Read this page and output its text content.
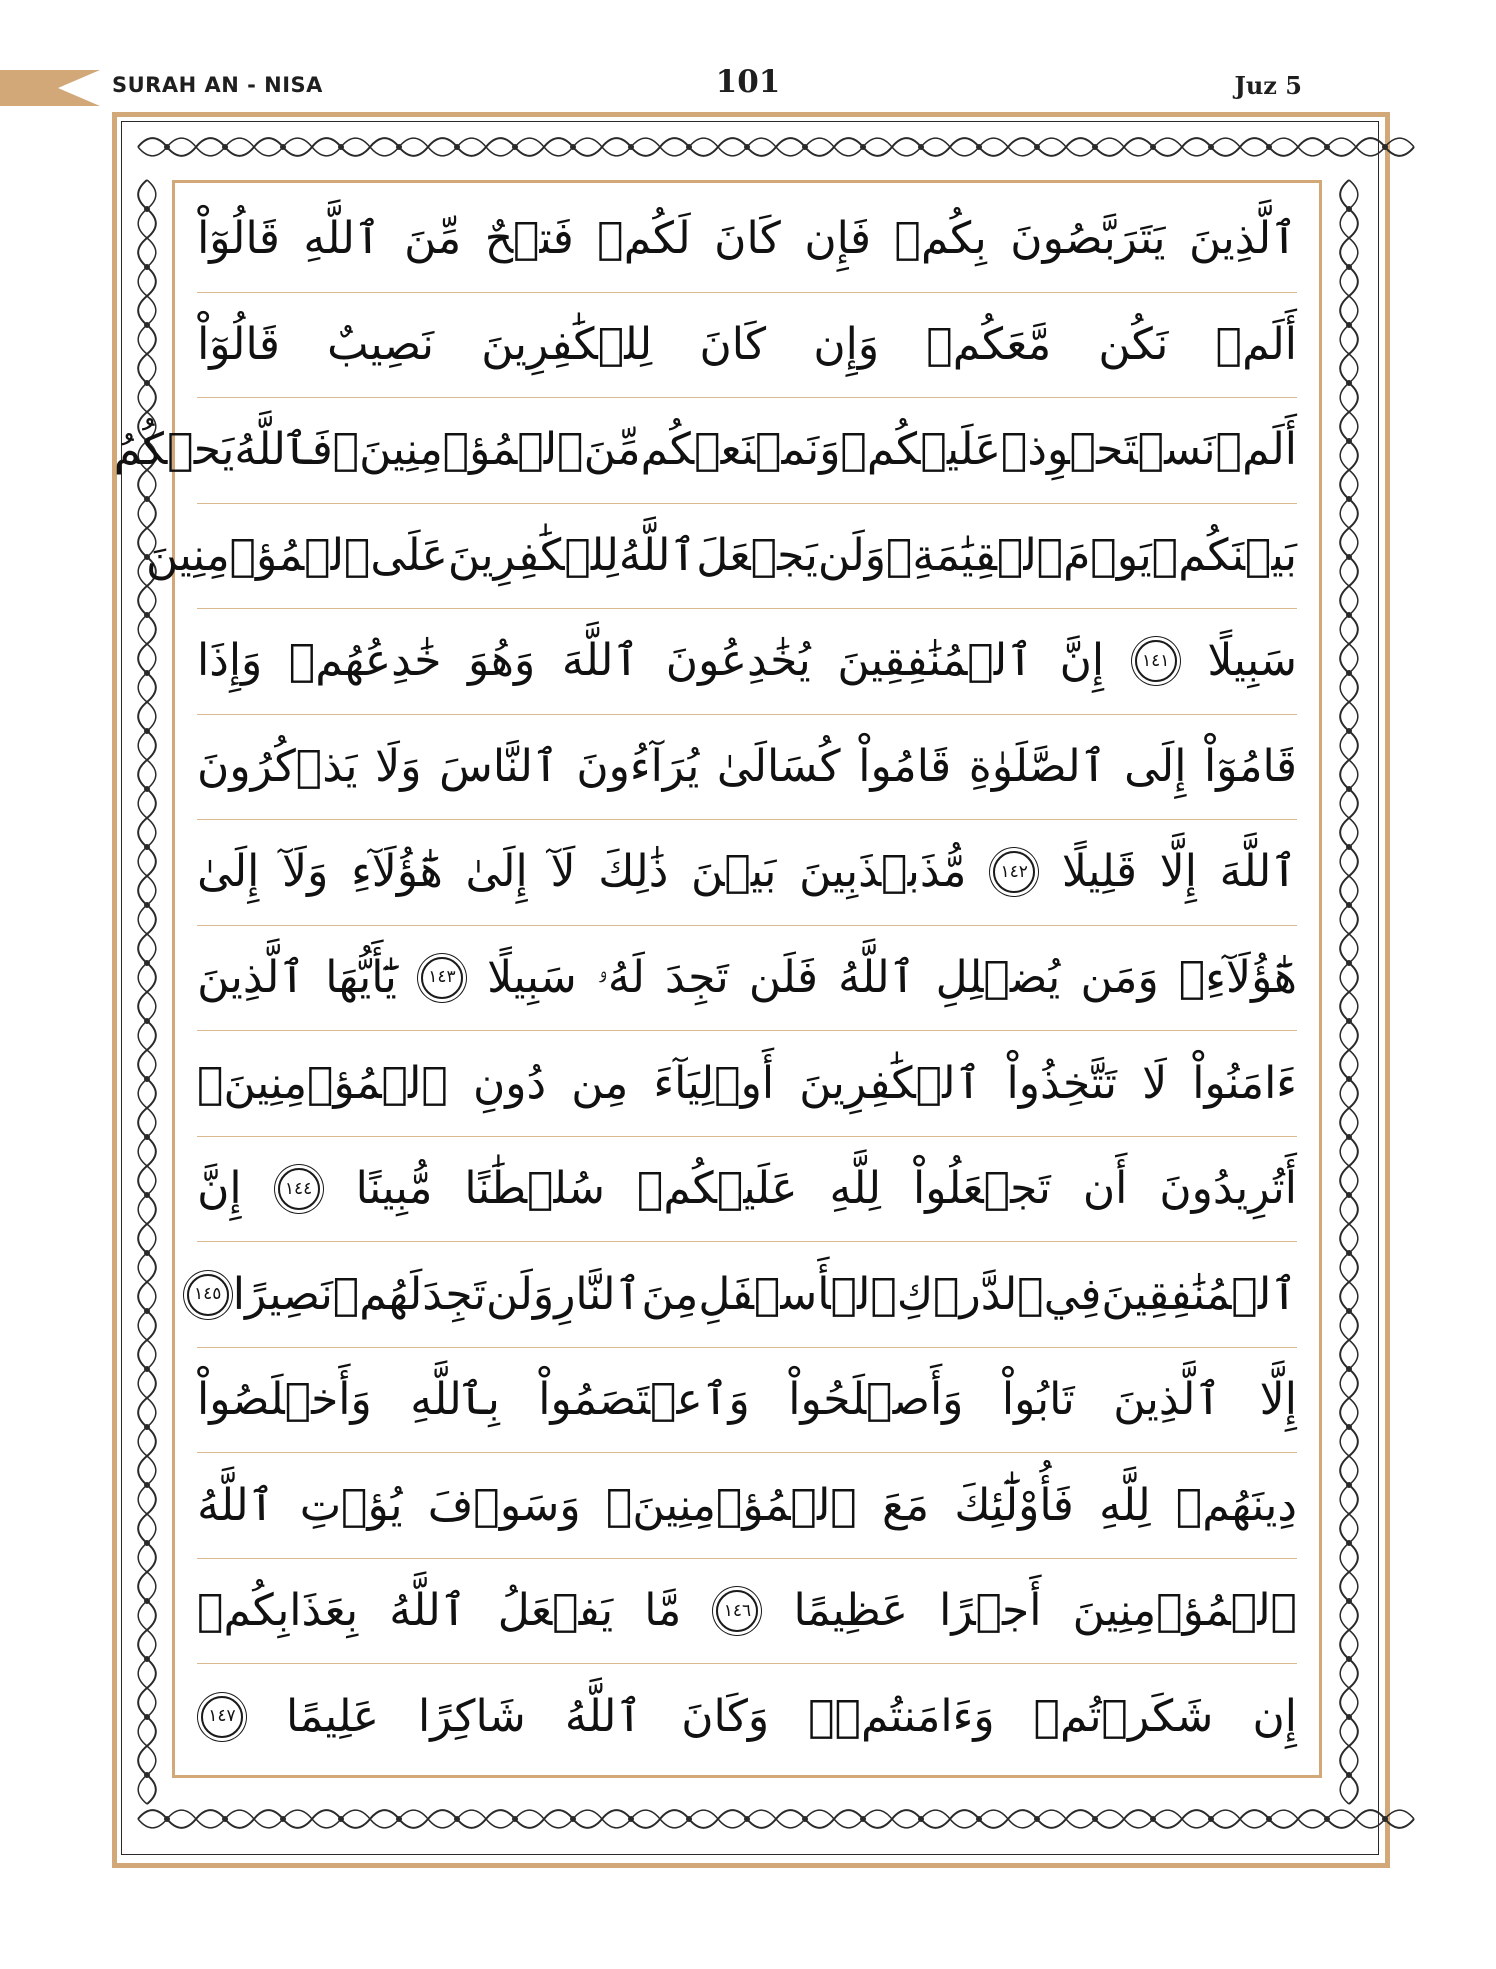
SURAH AN - NISA	101	Juz 5
ٱلَّذِينَ
يَتَرَبَّصُونَ
بِكُمۡ
فَإِن
كَانَ
لَكُمۡ
فَتۡحٌ
مِّنَ
ٱللَّهِ
قَالُوٓاْ
أَلَمۡ
نَكُن
مَّعَكُمۡ
وَإِن
كَانَ
لِلۡكَٰفِرِينَ
نَصِيبٌ
قَالُوٓاْ
أَلَمۡ
نَسۡتَحۡوِذۡ
عَلَيۡكُمۡ
وَنَمۡنَعۡكُم
مِّنَ
ٱلۡمُؤۡمِنِينَۚ
فَٱللَّهُ
يَحۡكُمُ
بَيۡنَكُمۡ
يَوۡمَ
ٱلۡقِيَٰمَةِۗ
وَلَن
يَجۡعَلَ
ٱللَّهُ
لِلۡكَٰفِرِينَ
عَلَى
ٱلۡمُؤۡمِنِينَ
سَبِيلًا
١٤١
إِنَّ
ٱلۡمُنَٰفِقِينَ
يُخَٰدِعُونَ
ٱللَّهَ
وَهُوَ
خَٰدِعُهُمۡ
وَإِذَا
قَامُوٓاْ
إِلَى
ٱلصَّلَوٰةِ
قَامُواْ
كُسَالَىٰ
يُرَآءُونَ
ٱلنَّاسَ
وَلَا
يَذۡكُرُونَ
ٱللَّهَ
إِلَّا
قَلِيلًا
١٤٢
مُّذَبۡذَبِينَ
بَيۡنَ
ذَٰلِكَ
لَآ
إِلَىٰ
هَٰٓؤُلَآءِ
وَلَآ
إِلَىٰ
هَٰٓؤُلَآءِۚ
وَمَن
يُضۡلِلِ
ٱللَّهُ
فَلَن
تَجِدَ
لَهُۥ
سَبِيلًا
١٤٣
يَٰٓأَيُّهَا
ٱلَّذِينَ
ءَامَنُواْ
لَا
تَتَّخِذُواْ
ٱلۡكَٰفِرِينَ
أَوۡلِيَآءَ
مِن
دُونِ
ٱلۡمُؤۡمِنِينَۚ
أَتُرِيدُونَ
أَن
تَجۡعَلُواْ
لِلَّهِ
عَلَيۡكُمۡ
سُلۡطَٰنًا
مُّبِينًا
١٤٤
إِنَّ
ٱلۡمُنَٰفِقِينَ
فِي
ٱلدَّرۡكِ
ٱلۡأَسۡفَلِ
مِنَ
ٱلنَّارِ
وَلَن
تَجِدَ
لَهُمۡ
نَصِيرًا
١٤٥
إِلَّا
ٱلَّذِينَ
تَابُواْ
وَأَصۡلَحُواْ
وَٱعۡتَصَمُواْ
بِٱللَّهِ
وَأَخۡلَصُواْ
دِينَهُمۡ
لِلَّهِ
فَأُوْلَٰٓئِكَ
مَعَ
ٱلۡمُؤۡمِنِينَۖ
وَسَوۡفَ
يُؤۡتِ
ٱللَّهُ
ٱلۡمُؤۡمِنِينَ
أَجۡرًا
عَظِيمًا
١٤٦
مَّا
يَفۡعَلُ
ٱللَّهُ
بِعَذَابِكُمۡ
إِن
شَكَرۡتُمۡ
وَءَامَنتُمۡۚ
وَكَانَ
ٱللَّهُ
شَاكِرًا
عَلِيمًا
١٤٧
